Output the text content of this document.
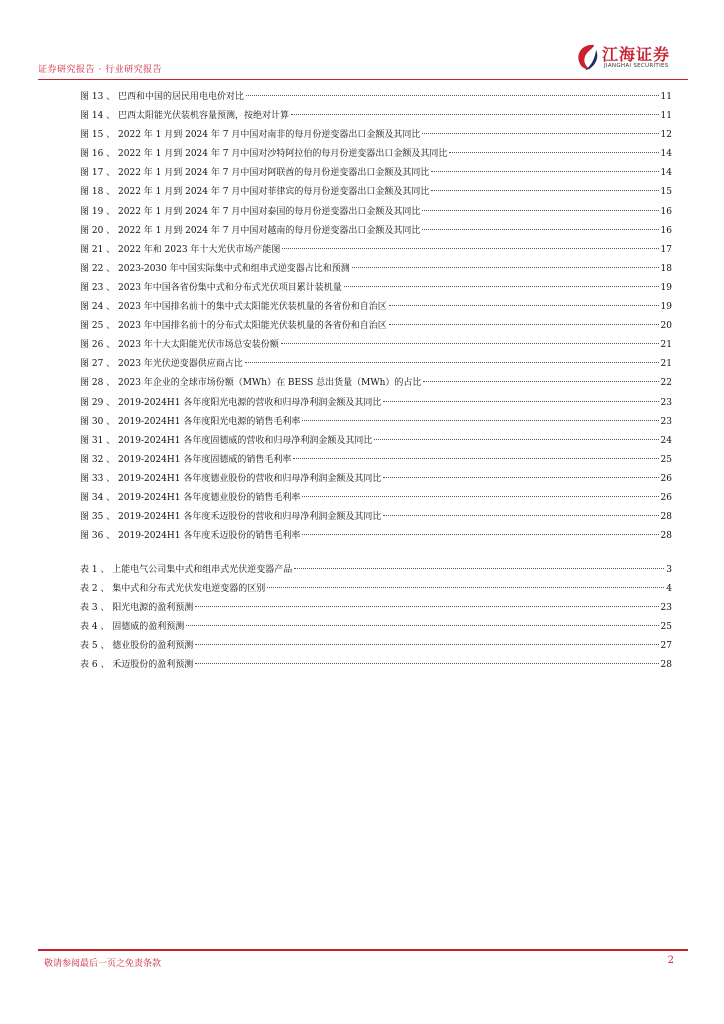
证券研究报告 · 行业研究报告
江海证券
JIANGHAI SECURITIES
图 13 、 巴西和中国的居民用电电价对比	11
图 14 、 巴西太阳能光伏装机容量预测，按绝对计算	11
图 15 、 2022 年 1 月到 2024 年 7 月中国对南非的每月份逆变器出口金额及其同比	12
图 16 、 2022 年 1 月到 2024 年 7 月中国对沙特阿拉伯的每月份逆变器出口金额及其同比	14
图 17 、 2022 年 1 月到 2024 年 7 月中国对阿联酋的每月份逆变器出口金额及其同比	14
图 18 、 2022 年 1 月到 2024 年 7 月中国对菲律宾的每月份逆变器出口金额及其同比	15
图 19 、 2022 年 1 月到 2024 年 7 月中国对泰国的每月份逆变器出口金额及其同比	16
图 20 、 2022 年 1 月到 2024 年 7 月中国对越南的每月份逆变器出口金额及其同比	16
图 21 、 2022 年和 2023 年十大光伏市场产能图	17
图 22 、 2023-2030 年中国实际集中式和组串式逆变器占比和预测	18
图 23 、 2023 年中国各省份集中式和分布式光伏项目累计装机量	19
图 24 、 2023 年中国排名前十的集中式太阳能光伏装机量的各省份和自治区	19
图 25 、 2023 年中国排名前十的分布式太阳能光伏装机量的各省份和自治区	20
图 26 、 2023 年十大太阳能光伏市场总安装份额	21
图 27 、 2023 年光伏逆变器供应商占比	21
图 28 、 2023 年企业的全球市场份额（MWh）在 BESS 总出货量（MWh）的占比	22
图 29 、 2019-2024H1 各年度阳光电源的营收和归母净利润金额及其同比	23
图 30 、 2019-2024H1 各年度阳光电源的销售毛利率	23
图 31 、 2019-2024H1 各年度固德威的营收和归母净利润金额及其同比	24
图 32 、 2019-2024H1 各年度固德威的销售毛利率	25
图 33 、 2019-2024H1 各年度德业股份的营收和归母净利润金额及其同比	26
图 34 、 2019-2024H1 各年度德业股份的销售毛利率	26
图 35 、 2019-2024H1 各年度禾迈股份的营收和归母净利润金额及其同比	28
图 36 、 2019-2024H1 各年度禾迈股份的销售毛利率	28
表 1 、 上能电气公司集中式和组串式光伏逆变器产品	3
表 2 、 集中式和分布式光伏发电逆变器的区别	4
表 3 、 阳光电源的盈利预测	23
表 4 、 固德威的盈利预测	25
表 5 、 德业股份的盈利预测	27
表 6 、 禾迈股份的盈利预测	28
敬请参阅最后一页之免责条款	2
